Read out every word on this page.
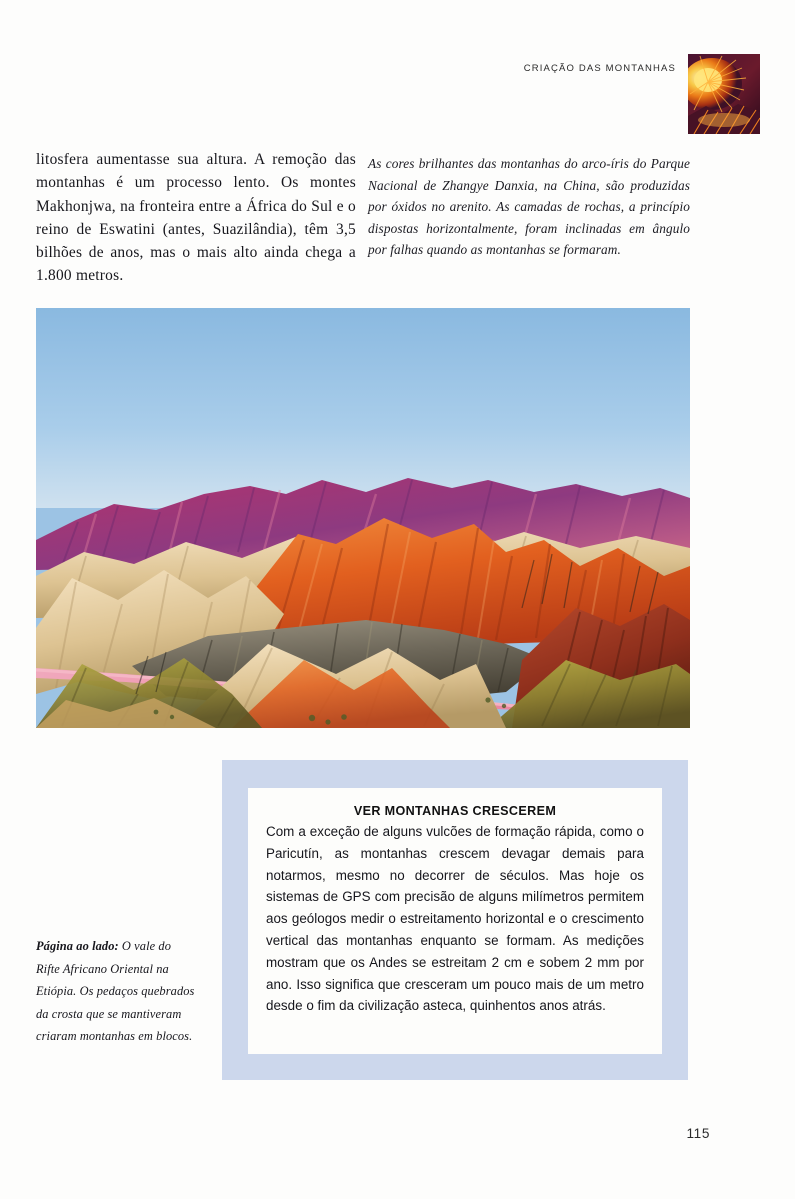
CRIAÇÃO DAS MONTANHAS
litosfera aumentasse sua altura. A remoção das montanhas é um processo lento. Os montes Makhonjwa, na fronteira entre a África do Sul e o reino de Eswatini (antes, Suazilândia), têm 3,5 bilhões de anos, mas o mais alto ainda chega a 1.800 metros.
As cores brilhantes das montanhas do arco-íris do Parque Nacional de Zhangye Danxia, na China, são produzidas por óxidos no arenito. As camadas de rochas, a princípio dispostas horizontalmente, foram inclinadas em ângulo por falhas quando as montanhas se formaram.
Página ao lado: O vale do Rifte Africano Oriental na Etiópia. Os pedaços quebrados da crosta que se mantiveram criaram montanhas em blocos.
VER MONTANHAS CRESCEREM
Com a exceção de alguns vulcões de formação rápida, como o Paricutín, as montanhas crescem devagar demais para notarmos, mesmo no decorrer de séculos. Mas hoje os sistemas de GPS com precisão de alguns milímetros permitem aos geólogos medir o estreitamento horizontal e o crescimento vertical das montanhas enquanto se formam. As medições mostram que os Andes se estreitam 2 cm e sobem 2 mm por ano. Isso significa que cresceram um pouco mais de um metro desde o fim da civilização asteca, quinhentos anos atrás.
115
